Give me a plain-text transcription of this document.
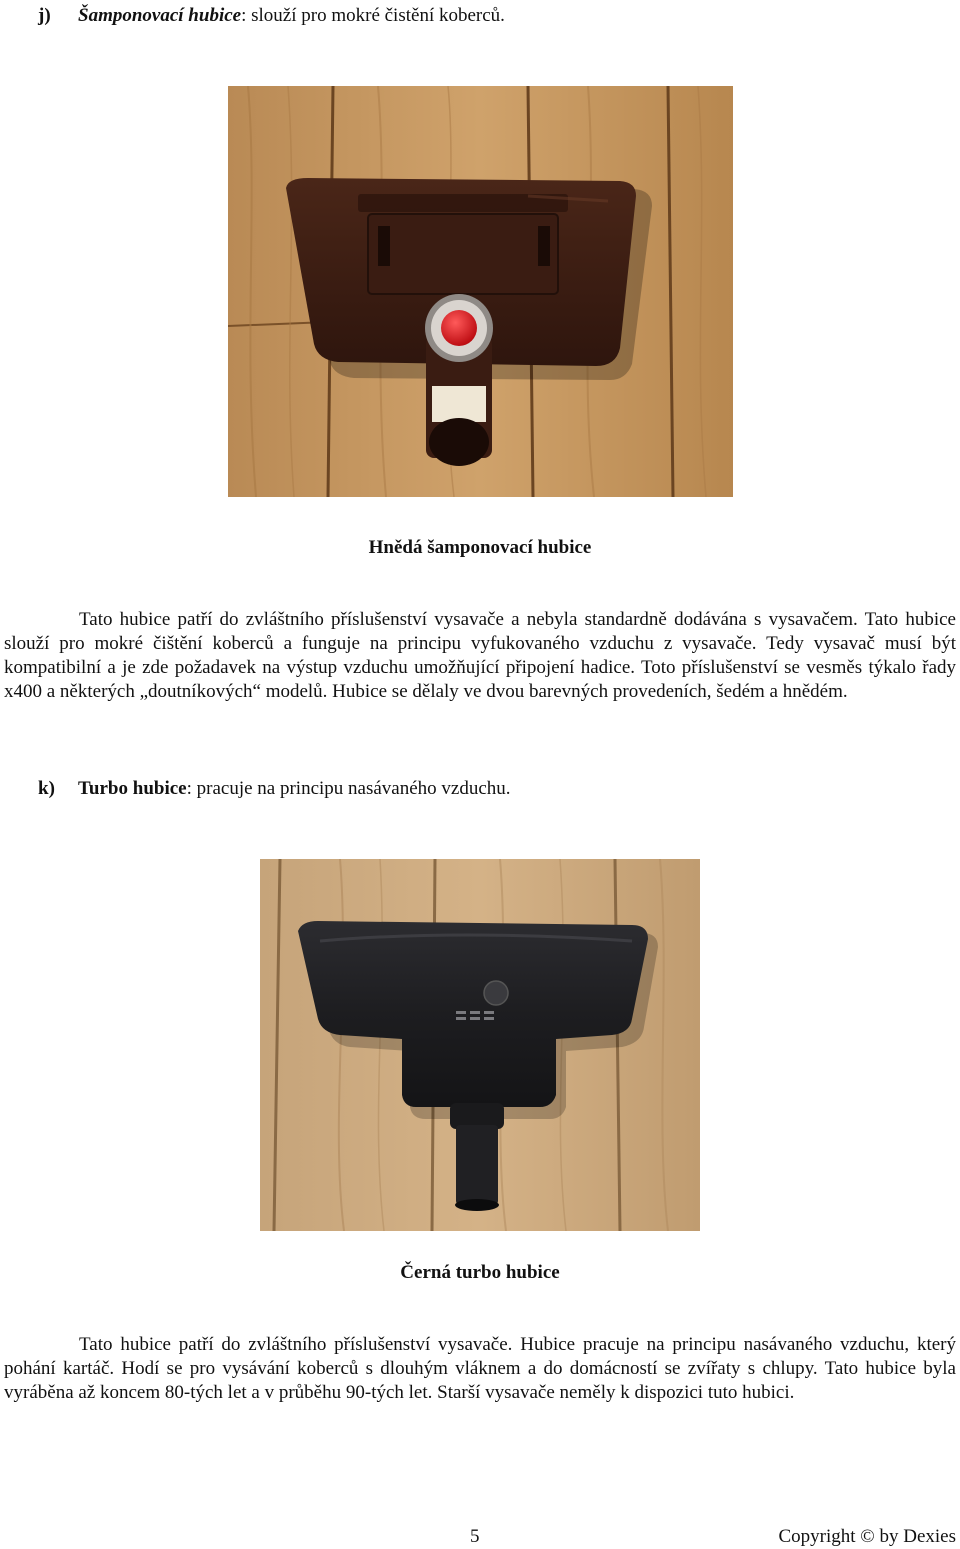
j) Šamponovací hubice: slouží pro mokré čistění koberců.
Hnědá šamponovací hubice

Tato hubice patří do zvláštního příslušenství vysavače a nebyla standardně dodávána s vysavačem. Tato hubice slouží pro mokré čištění koberců a funguje na principu vyfukovaného vzduchu z vysavače. Tedy vysavač musí být kompatibilní a je zde požadavek na výstup vzduchu umožňující připojení hadice. Toto příslušenství se vesměs týkalo řady x400 a některých „doutníkových“ modelů. Hubice se dělaly ve dvou barevných provedeních, šedém a hnědém.

k) Turbo hubice: pracuje na principu nasávaného vzduchu.
Černá turbo hubice

Tato hubice patří do zvláštního příslušenství vysavače. Hubice pracuje na principu nasávaného vzduchu, který pohání kartáč. Hodí se pro vysávání koberců s dlouhým vláknem a do domácností se zvířaty s chlupy. Tato hubice byla vyráběna až koncem 80-tých let a v průběhu 90-tých let. Starší vysavače neměly k dispozici tuto hubici.

5	Copyright © by Dexies
